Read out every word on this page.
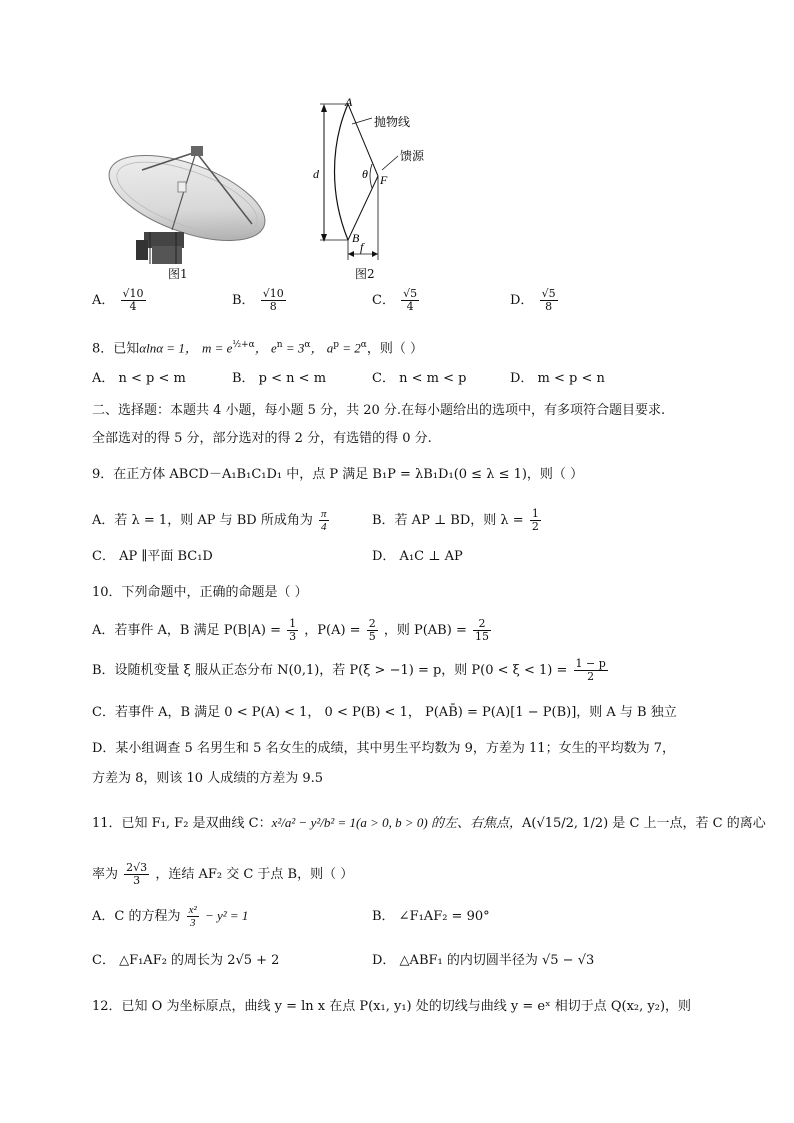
图1
A
B
F
θ
d
f
抛物线
馈源
图2
A． $\frac{√10}{4}$	B． $\frac{√10}{8}$	C． $\frac{√5}{4}$	D． $\frac{√5}{8}$
8．已知αlnα = 1， $m = e^{\frac{1}{2}+\alpha}$， $e^n = 3^\alpha$， $a^p = 2^\alpha$，则（ ）
A． n < p < m	B． p < n < m	C． n < m < p	D． m < p < n
二、选择题：本题共 4 小题，每小题 5 分，共 20 分.在每小题给出的选项中，有多项符合题目要求.
全部选对的得 5 分，部分选对的得 2 分，有选错的得 0 分.
9．在正方体 ABCD－A₁B₁C₁D₁ 中，点 P 满足 B₁P = λB₁D₁(0 ≤ λ ≤ 1)，则（ ）
A．若 λ = 1，则 AP 与 BD 所成角为 $\frac{\pi}{4}$	B．若 AP ⊥ BD，则 $\lambda = \frac{1}{2}$
C． AP ∥平面 BC₁D	D． A₁C ⊥ AP
10．下列命题中，正确的命题是（ ）
A．若事件 A，B 满足 $P(B|A) = \frac{1}{3}$ ，$P(A) = \frac{2}{5}$ ，则 $P(AB) = \frac{2}{15}$
B．设随机变量 ξ 服从正态分布 N(0,1)，若 P(ξ > −1) = p，则 $P(0 < \xi < 1) = \frac{1 - p}{2}$
C．若事件 A，B 满足 0 < P(A) < 1， 0 < P(B) < 1， P(AB̄) = P(A)[1 − P(B)]，则 A 与 B 独立
D．某小组调查 5 名男生和 5 名女生的成绩，其中男生平均数为 9，方差为 11；女生的平均数为 7，
方差为 8，则该 10 人成绩的方差为 9.5
11．已知 F₁, F₂ 是双曲线 C：x²/a² − y²/b² = 1(a > 0, b > 0) 的左、右焦点，A(√15/2, 1/2) 是 C 上一点，若 C 的离心
率为 $\frac{2√3}{3}$ ，连结 AF₂ 交 C 于点 B，则（ ）
A．C 的方程为 $\frac{\text{x²}}{3} - y^2 = 1$	B． ∠F₁AF₂ = 90°
C． △F₁AF₂ 的周长为 2√5 + 2	D． △ABF₁ 的内切圆半径为 √5 − √3
12．已知 O 为坐标原点，曲线 y = ln x 在点 P(x₁, y₁) 处的切线与曲线 y = eˣ 相切于点 Q(x₂, y₂)，则
